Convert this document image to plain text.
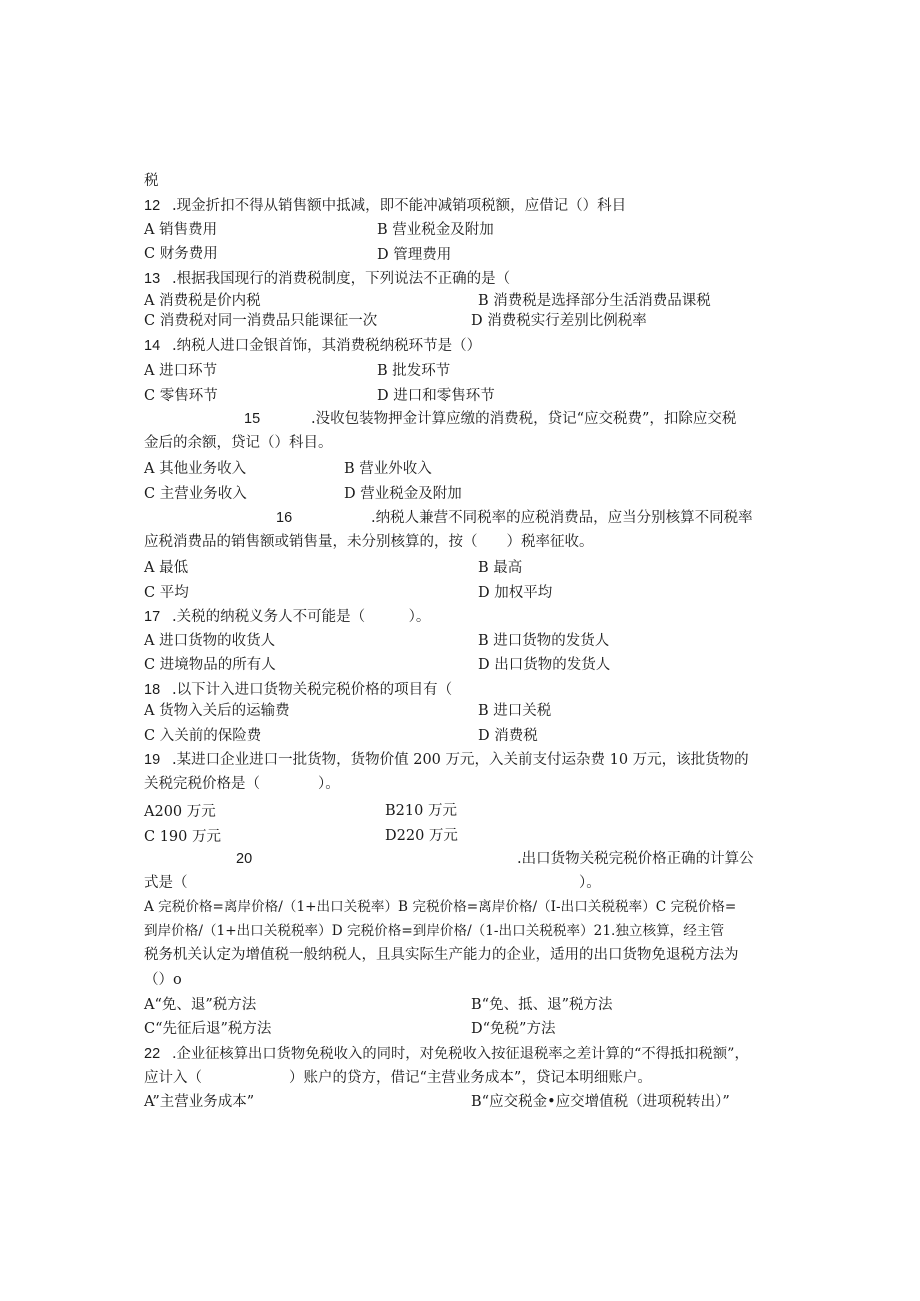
税
12 .现金折扣不得从销售额中抵减，即不能冲减销项税额，应借记（）科目
A 销售费用	B 营业税金及附加
C 财务费用	D 管理费用
13 .根据我国现行的消费税制度，下列说法不正确的是（
A 消费税是价内税	B 消费税是选择部分生活消费品课税
C 消费税对同一消费品只能课征一次	D 消费税实行差别比例税率
14 .纳税人进口金银首饰，其消费税纳税环节是（）
A 进口环节	B 批发环节
C 零售环节	D 进口和零售环节
15	.没收包装物押金计算应缴的消费税，贷记“应交税费”，扣除应交税
金后的余额，贷记（）科目。
A 其他业务收入	B 营业外收入
C 主营业务收入	D 营业税金及附加
16	.纳税人兼营不同税率的应税消费品，应当分别核算不同税率
应税消费品的销售额或销售量，未分别核算的，按（　　）税率征收。
A 最低	B 最高
C 平均	D 加权平均
17 .关税的纳税义务人不可能是（　　　）。
A 进口货物的收货人	B 进口货物的发货人
C 进境物品的所有人	D 出口货物的发货人
18 .以下计入进口货物关税完税价格的项目有（
A 货物入关后的运输费	B 进口关税
C 入关前的保险费	D 消费税
19 .某进口企业进口一批货物，货物价值 200 万元，入关前支付运杂费 10 万元，该批货物的
关税完税价格是（　　　　）。
A200 万元	B210 万元
C 190 万元	D220 万元
20	.出口货物关税完税价格正确的计算公
式是（　　　　　　　　　　　　　　　　　　　　　　　　　　　）。
A 完税价格=离岸价格/（1+出口关税率）B 完税价格=离岸价格/（I-出口关税税率）C 完税价格=
到岸价格/（1+出口关税税率）D 完税价格=到岸价格/（1-出口关税税率）21.独立核算，经主管
税务机关认定为增值税一般纳税人，且具实际生产能力的企业，适用的出口货物免退税方法为
（）o
A“免、退”税方法	B“免、抵、退”税方法
C“先征后退”税方法	D“免税”方法
22 .企业征核算出口货物免税收入的同时，对免税收入按征退税率之差计算的“不得抵扣税额”，
应计入（　　　　　　）账户的贷方，借记“主营业务成本”，贷记本明细账户。
A”主营业务成本”	B“应交税金•应交增值税（进项税转出）”
